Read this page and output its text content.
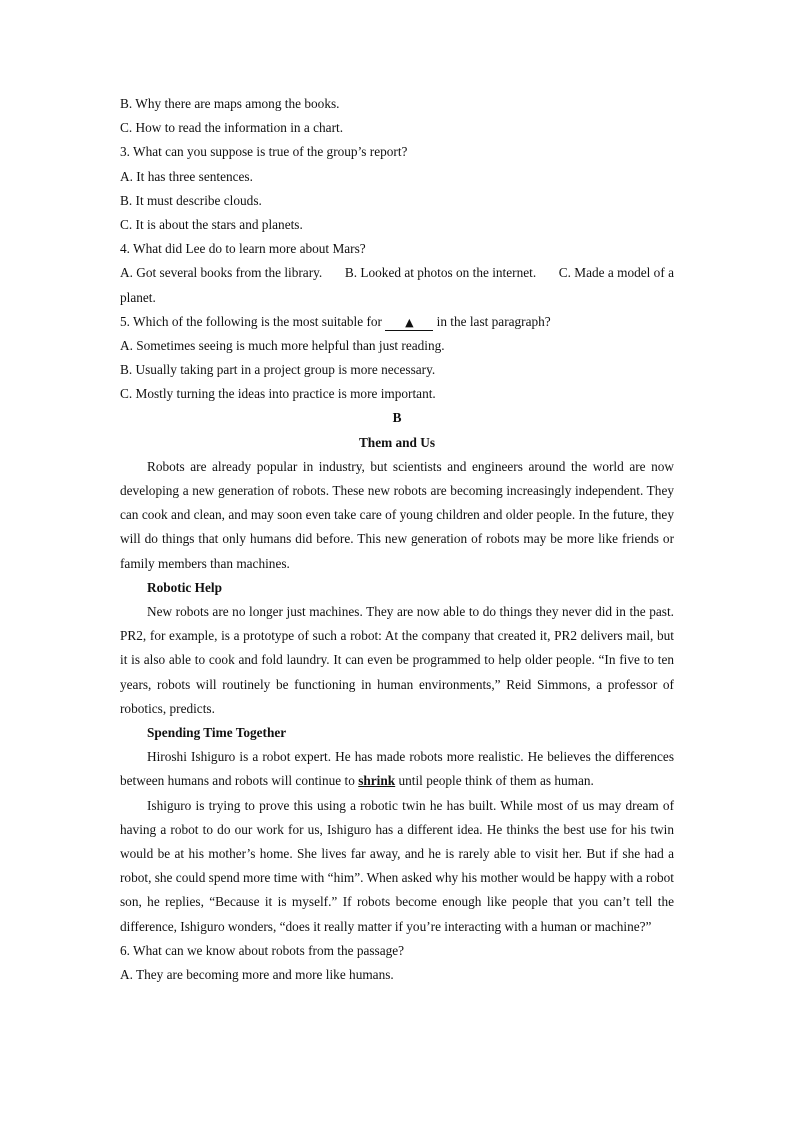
B. Why there are maps among the books.

C. How to read the information in a chart.

3. What can you suppose is true of the group’s report?

A. It has three sentences.

B. It must describe clouds.

C. It is about the stars and planets.

4. What did Lee do to learn more about Mars?

A. Got several books from the library. B. Looked at photos on the internet. C. Made a model of a

planet.

5. Which of the following is the most suitable for ▲ in the last paragraph?

A. Sometimes seeing is much more helpful than just reading.

B. Usually taking part in a project group is more necessary.

C. Mostly turning the ideas into practice is more important.

B

Them and Us

Robots are already popular in industry, but scientists and engineers around the world are now developing a new generation of robots. These new robots are becoming increasingly independent. They can cook and clean, and may soon even take care of young children and older people. In the future, they will do things that only humans did before. This new generation of robots may be more like friends or family members than machines.

Robotic Help

New robots are no longer just machines. They are now able to do things they never did in the past. PR2, for example, is a prototype of such a robot: At the company that created it, PR2 delivers mail, but it is also able to cook and fold laundry. It can even be programmed to help older people. “In five to ten years, robots will routinely be functioning in human environments,” Reid Simmons, a professor of robotics, predicts.

Spending Time Together

Hiroshi Ishiguro is a robot expert. He has made robots more realistic. He believes the differences between humans and robots will continue to shrink until people think of them as human.

Ishiguro is trying to prove this using a robotic twin he has built. While most of us may dream of having a robot to do our work for us, Ishiguro has a different idea. He thinks the best use for his twin would be at his mother’s home. She lives far away, and he is rarely able to visit her. But if she had a robot, she could spend more time with “him”. When asked why his mother would be happy with a robot son, he replies, “Because it is myself.” If robots become enough like people that you can’t tell the difference, Ishiguro wonders, “does it really matter if you’re interacting with a human or machine?”

6. What can we know about robots from the passage?

A. They are becoming more and more like humans.
